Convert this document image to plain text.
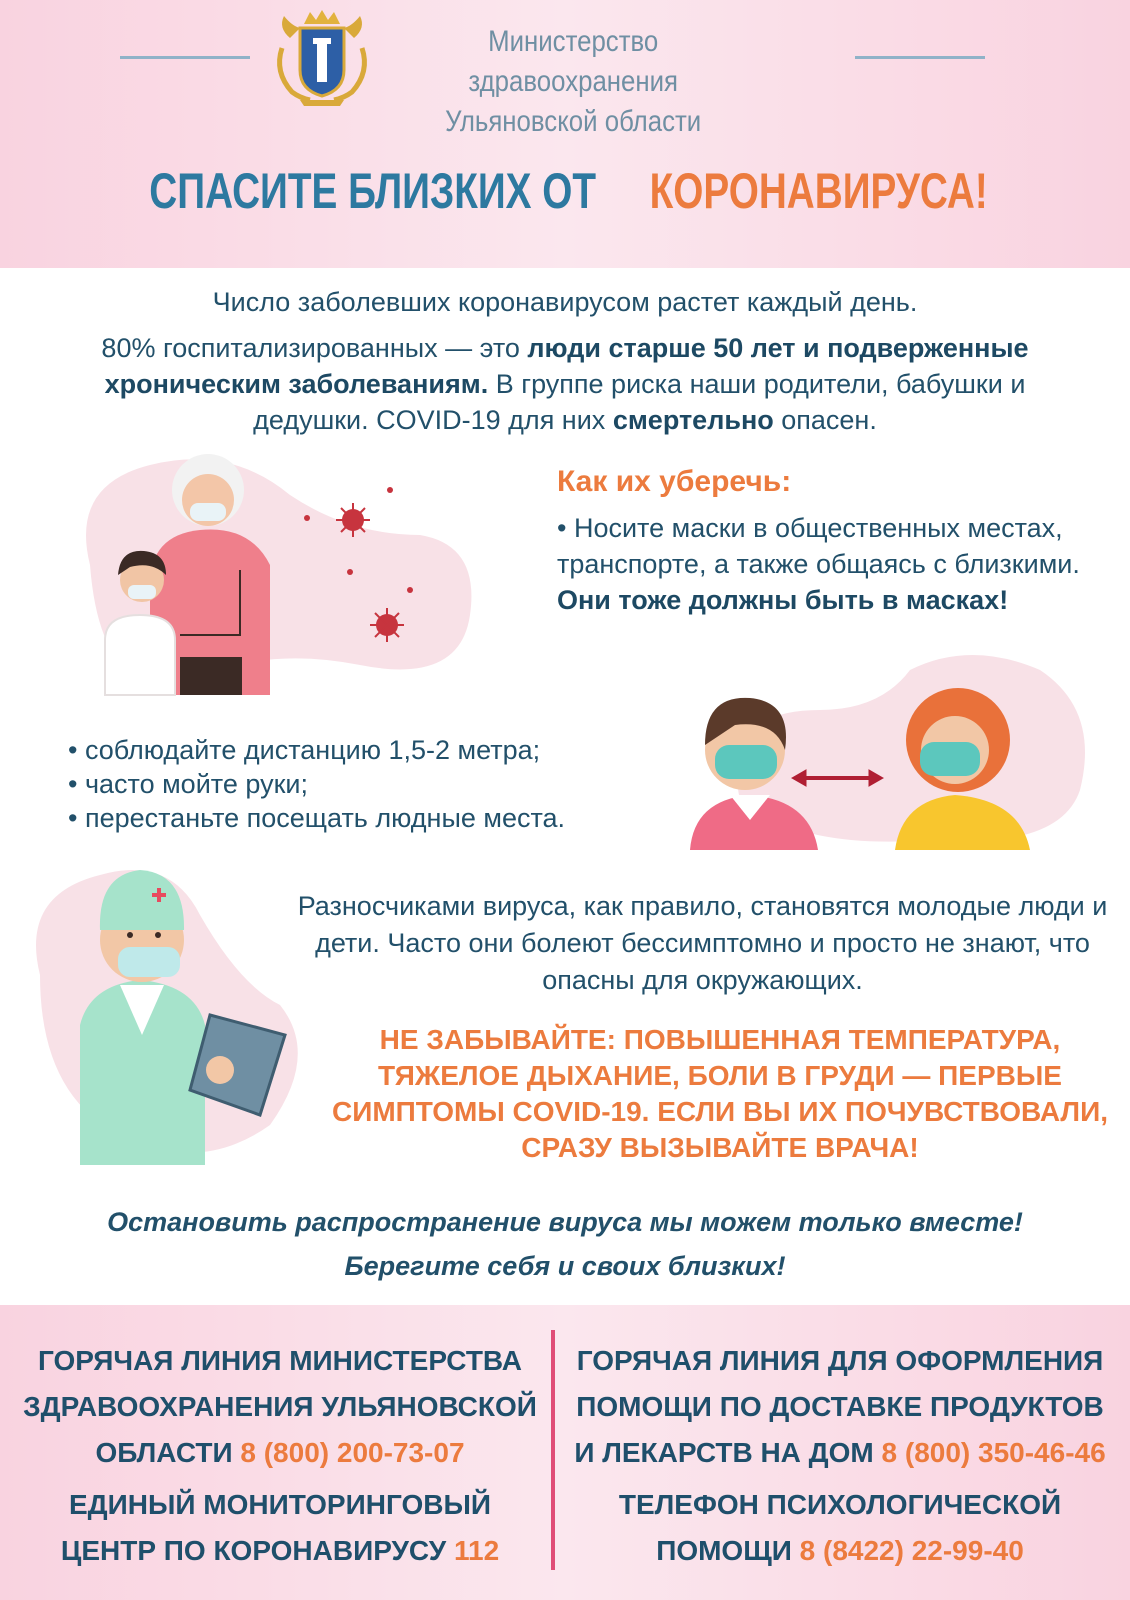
Министерство здравоохранения
Ульяновской области
СПАСИТЕ БЛИЗКИХ ОТКОРОНАВИРУСА!
Число заболевших коронавирусом растет каждый день.
80% госпитализированных — это люди старше 50 лет и подверженные хроническим заболеваниям. В группе риска наши родители, бабушки и дедушки. COVID-19 для них смертельно опасен.
Как их уберечь:
• Носите маски в общественных местах, транспорте, а также общаясь с близкими. Они тоже должны быть в масках!
• соблюдайте дистанцию 1,5-2 метра;
• часто мойте руки;
• перестаньте посещать людные места.
Разносчиками вируса, как правило, становятся молодые люди и дети. Часто они болеют бессимптомно и просто не знают, что опасны для окружающих.
НЕ ЗАБЫВАЙТЕ: ПОВЫШЕННАЯ ТЕМПЕРАТУРА, ТЯЖЕЛОЕ ДЫХАНИЕ, БОЛИ В ГРУДИ — ПЕРВЫЕ СИМПТОМЫ COVID-19. ЕСЛИ ВЫ ИХ ПОЧУВСТВОВАЛИ, СРАЗУ ВЫЗЫВАЙТЕ ВРАЧА!
Остановить распространение вируса мы можем только вместе!
Берегите себя и своих близких!
ГОРЯЧАЯ ЛИНИЯ МИНИСТЕРСТВА ЗДРАВООХРАНЕНИЯ УЛЬЯНОВСКОЙ ОБЛАСТИ 8 (800) 200-73-07
ЕДИНЫЙ МОНИТОРИНГОВЫЙ ЦЕНТР ПО КОРОНАВИРУСУ 112
ГОРЯЧАЯ ЛИНИЯ ДЛЯ ОФОРМЛЕНИЯ ПОМОЩИ ПО ДОСТАВКЕ ПРОДУКТОВ И ЛЕКАРСТВ НА ДОМ 8 (800) 350-46-46
ТЕЛЕФОН ПСИХОЛОГИЧЕСКОЙ ПОМОЩИ 8 (8422) 22-99-40
